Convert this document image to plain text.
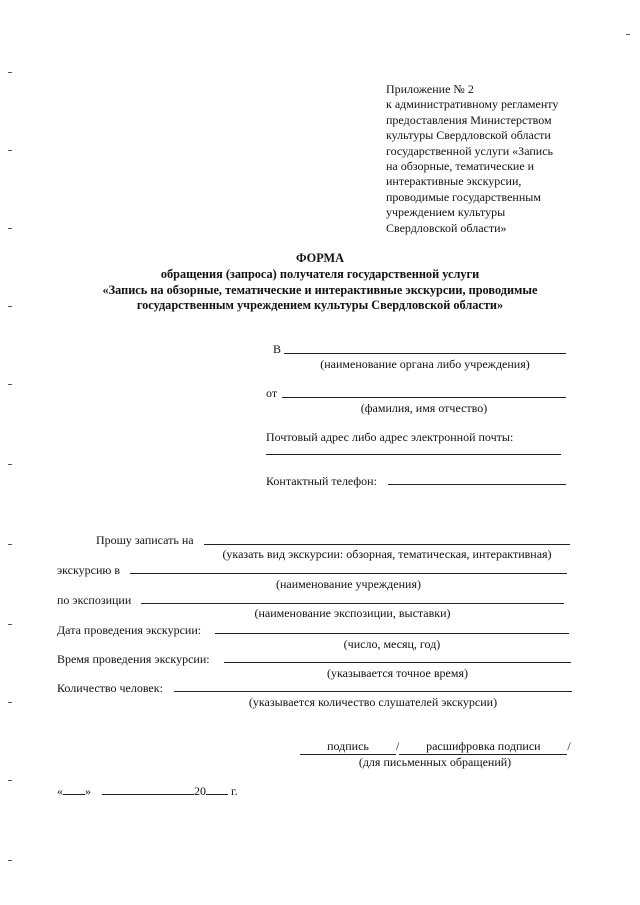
Приложение № 2
к административному регламенту
предоставления Министерством
культуры Свердловской области
государственной услуги «Запись
на обзорные, тематические и
интерактивные экскурсии,
проводимые государственным
учреждением культуры
Свердловской области»
ФОРМА
обращения (запроса) получателя государственной услуги
«Запись на обзорные, тематические и интерактивные экскурсии, проводимые
государственным учреждением культуры Свердловской области»
В
(наименование органа либо учреждения)
от
(фамилия, имя отчество)
Почтовый адрес либо адрес электронной почты:
Контактный телефон:
Прошу записать на
(указать вид экскурсии: обзорная, тематическая, интерактивная)
экскурсию в
(наименование учреждения)
по экспозиции
(наименование экспозиции, выставки)
Дата проведения экскурсии:
(число, месяц, год)
Время проведения экскурсии:
(указывается точное время)
Количество человек:
(указывается количество слушателей экскурсии)
подпись / расшифровка подписи /
(для письменных обращений)
« »	20 г.
